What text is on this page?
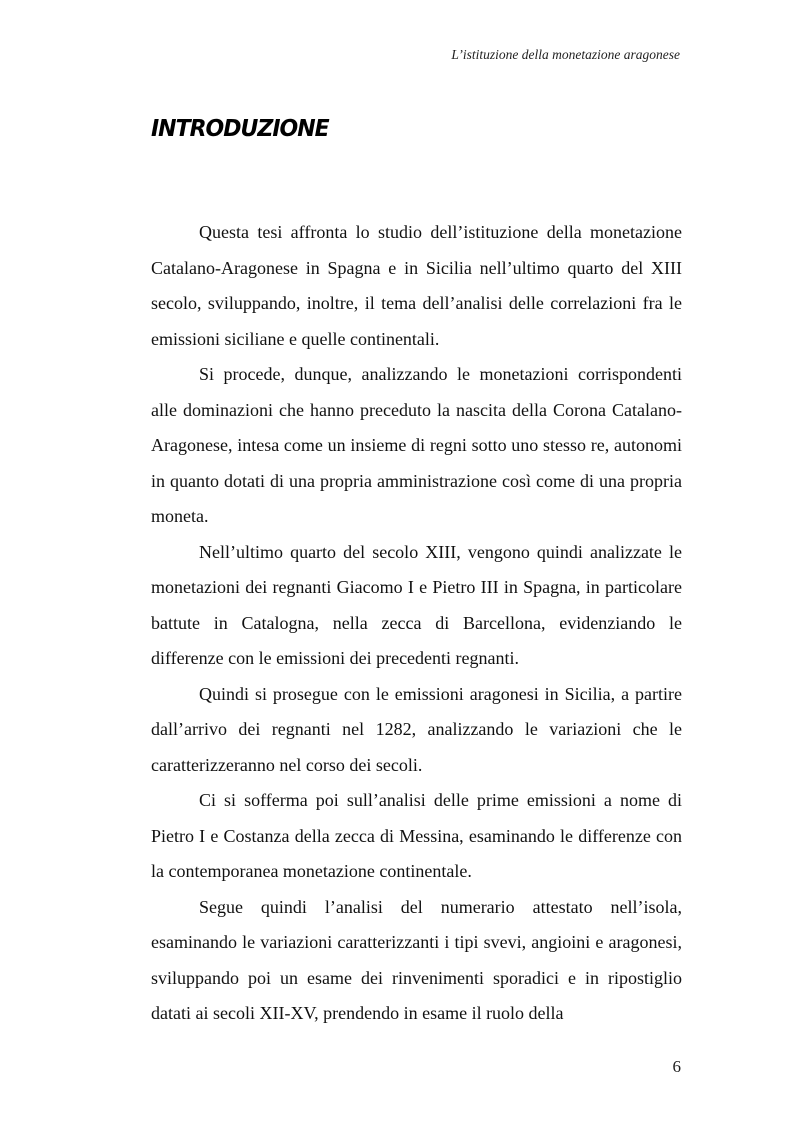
L’istituzione della monetazione aragonese
INTRODUZIONE

Questa tesi affronta lo studio dell’istituzione della monetazione Catalano-Aragonese in Spagna e in Sicilia nell’ultimo quarto del XIII secolo, sviluppando, inoltre, il tema dell’analisi delle correlazioni fra le emissioni siciliane e quelle continentali.

Si procede, dunque, analizzando le monetazioni corrispondenti alle dominazioni che hanno preceduto la nascita della Corona Catalano-Aragonese, intesa come un insieme di regni sotto uno stesso re, autonomi in quanto dotati di una propria amministrazione così come di una propria moneta.

Nell’ultimo quarto del secolo XIII, vengono quindi analizzate le monetazioni dei regnanti Giacomo I e Pietro III in Spagna, in particolare battute in Catalogna, nella zecca di Barcellona, evidenziando le differenze con le emissioni dei precedenti regnanti.

Quindi si prosegue con le emissioni aragonesi in Sicilia, a partire dall’arrivo dei regnanti nel 1282, analizzando le variazioni che le caratterizzeranno nel corso dei secoli.

Ci si sofferma poi sull’analisi delle prime emissioni a nome di Pietro I e Costanza della zecca di Messina, esaminando le differenze con la contemporanea monetazione continentale.

Segue quindi l’analisi del numerario attestato nell’isola, esaminando le variazioni caratterizzanti i tipi svevi, angioini e aragonesi, sviluppando poi un esame dei rinvenimenti sporadici e in ripostiglio datati ai secoli XII-XV, prendendo in esame il ruolo della

6
